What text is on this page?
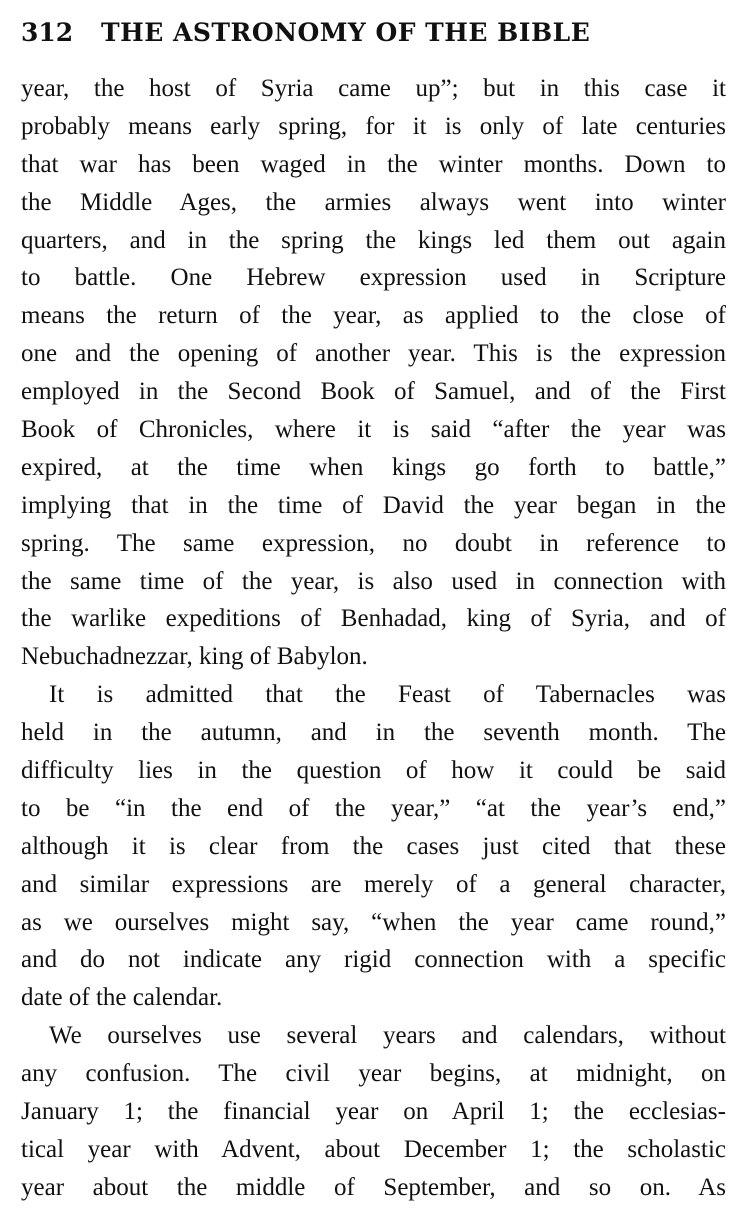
312	THE ASTRONOMY OF THE BIBLE
year, the host of Syria came up”; but in this case it
probably means early spring, for it is only of late centuries
that war has been waged in the winter months. Down to
the Middle Ages, the armies always went into winter
quarters, and in the spring the kings led them out again
to battle. One Hebrew expression used in Scripture
means the return of the year, as applied to the close of
one and the opening of another year. This is the expression
employed in the Second Book of Samuel, and of the First
Book of Chronicles, where it is said “after the year was
expired, at the time when kings go forth to battle,”
implying that in the time of David the year began in the
spring. The same expression, no doubt in reference to
the same time of the year, is also used in connection with
the warlike expeditions of Benhadad, king of Syria, and of
Nebuchadnezzar, king of Babylon.
It is admitted that the Feast of Tabernacles was
held in the autumn, and in the seventh month. The
difficulty lies in the question of how it could be said
to be “in the end of the year,” “at the year’s end,”
although it is clear from the cases just cited that these
and similar expressions are merely of a general character,
as we ourselves might say, “when the year came round,”
and do not indicate any rigid connection with a specific
date of the calendar.
We ourselves use several years and calendars, without
any confusion. The civil year begins, at midnight, on
January 1; the financial year on April 1; the ecclesias-
tical year with Advent, about December 1; the scholastic
year about the middle of September, and so on. As
